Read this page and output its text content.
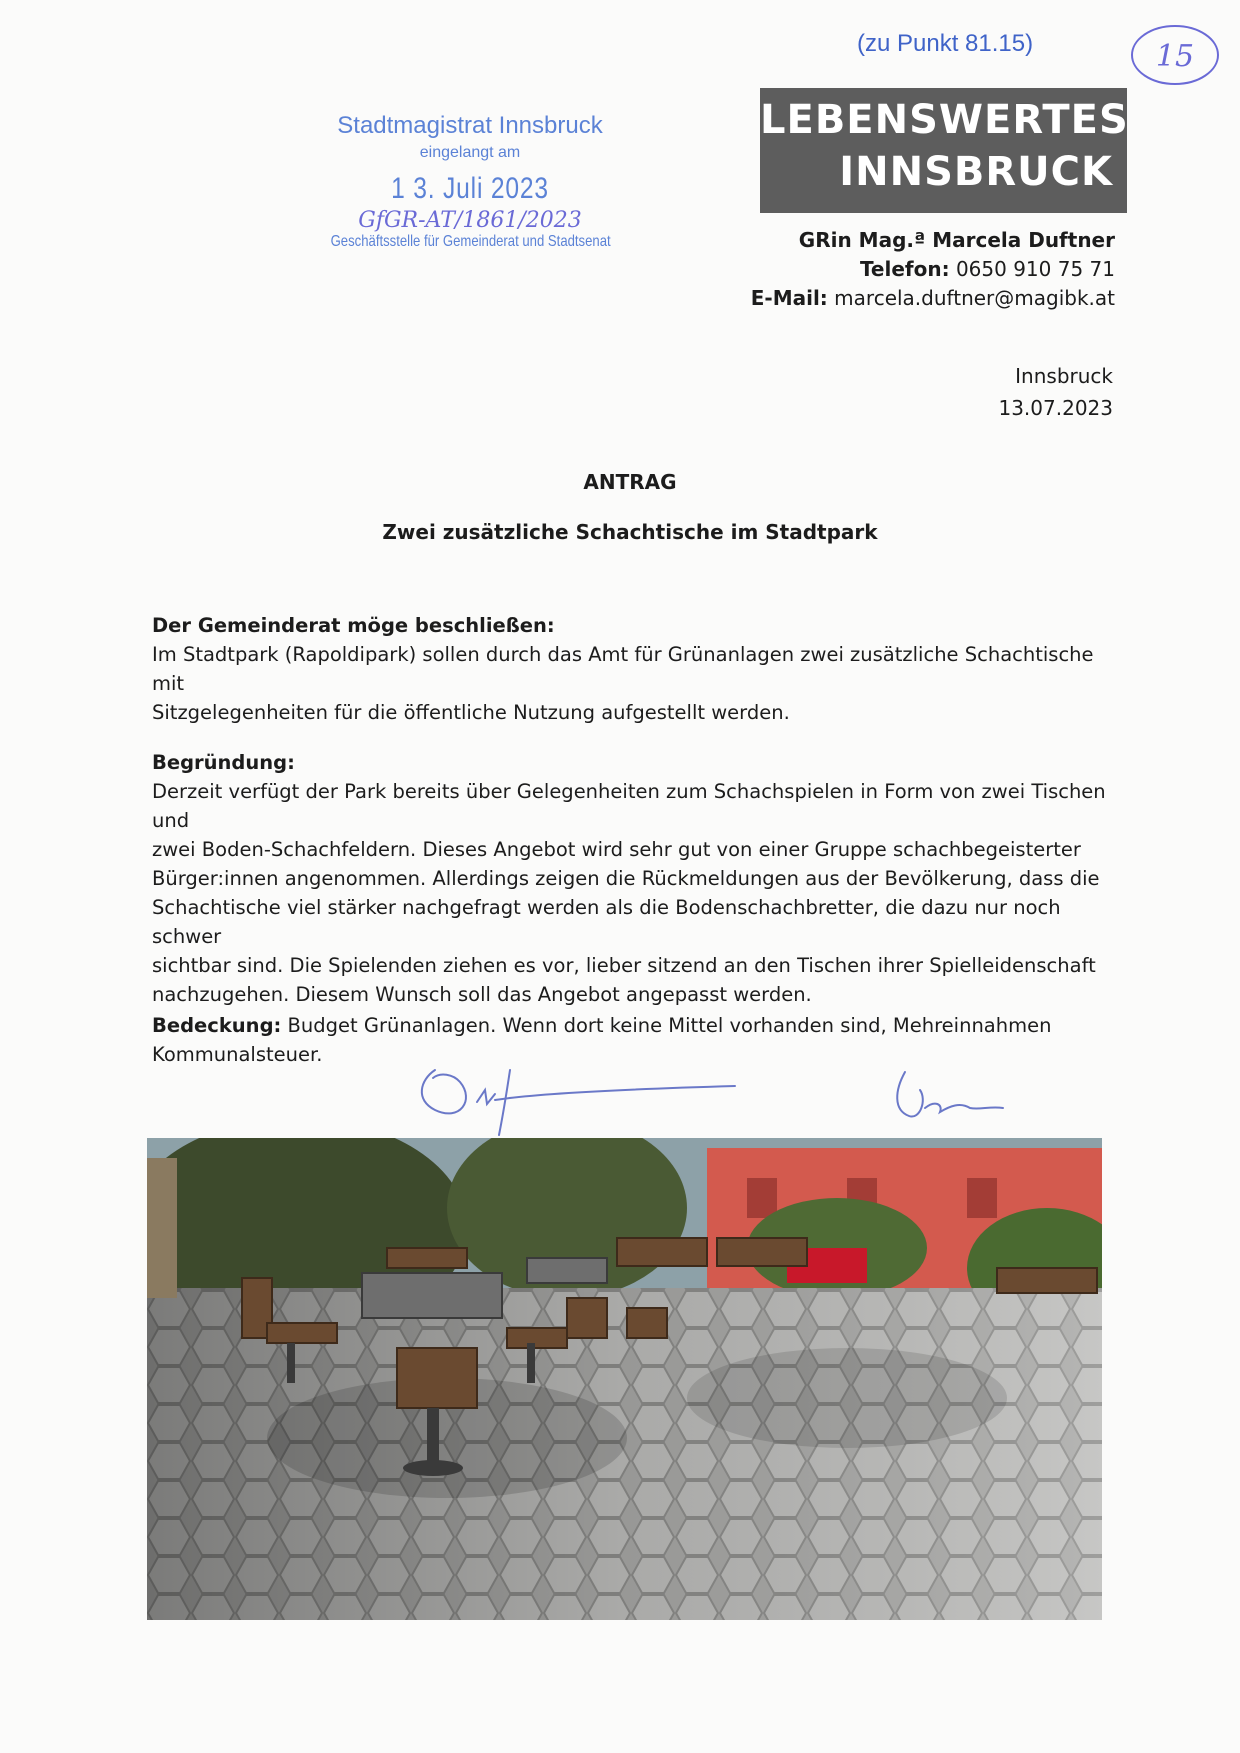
(zu Punkt 81.15)	15
LEBENSWERTES
INNSBRUCK
Stadtmagistrat Innsbruck
eingelangt am
1 3. Juli 2023
GfGR-AT/1861/2023
Geschäftsstelle für Gemeinderat und Stadtsenat	GRin Mag.ª Marcela Duftner
Telefon: 0650 910 75 71
E-Mail: marcela.duftner@magibk.at
Innsbruck
13.07.2023
ANTRAG
Zwei zusätzliche Schachtische im Stadtpark
Der Gemeinderat möge beschließen:
Im Stadtpark (Rapoldipark) sollen durch das Amt für Grünanlagen zwei zusätzliche Schachtische mit
Sitzgelegenheiten für die öffentliche Nutzung aufgestellt werden.
Begründung:
Derzeit verfügt der Park bereits über Gelegenheiten zum Schachspielen in Form von zwei Tischen und
zwei Boden-Schachfeldern. Dieses Angebot wird sehr gut von einer Gruppe schachbegeisterter
Bürger:innen angenommen. Allerdings zeigen die Rückmeldungen aus der Bevölkerung, dass die
Schachtische viel stärker nachgefragt werden als die Bodenschachbretter, die dazu nur noch schwer
sichtbar sind. Die Spielenden ziehen es vor, lieber sitzend an den Tischen ihrer Spielleidenschaft
nachzugehen. Diesem Wunsch soll das Angebot angepasst werden.
Bedeckung: Budget Grünanlagen. Wenn dort keine Mittel vorhanden sind, Mehreinnahmen
Kommunalsteuer.
